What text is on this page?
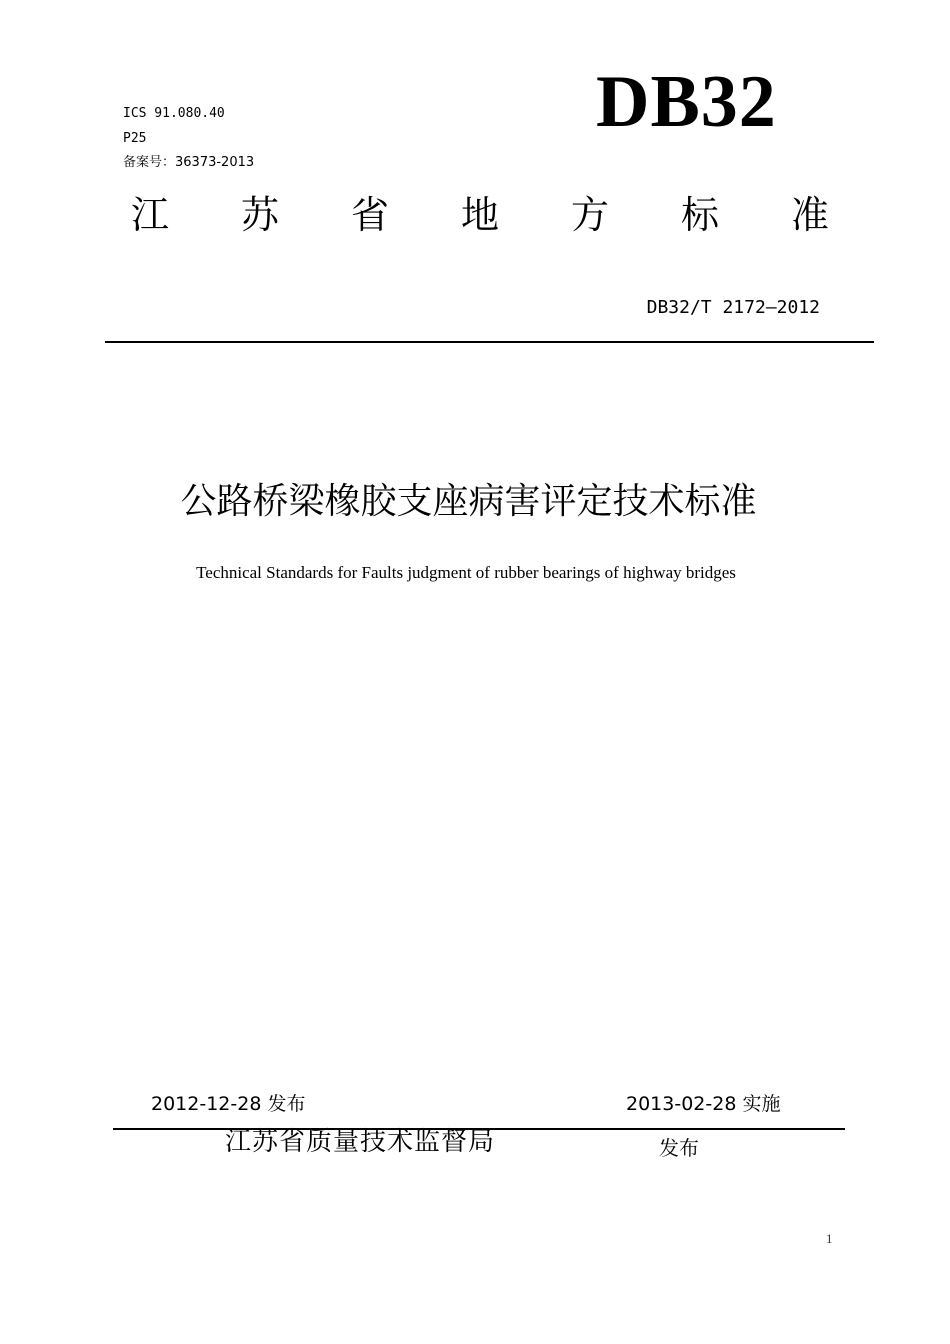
ICS 91.080.40
P25
备案号：36373-2013
DB32
江 苏 省 地 方 标 准
DB32/T 2172—2012
公路桥梁橡胶支座病害评定技术标准
Technical Standards for Faults judgment of rubber bearings of highway bridges
2012-12-28 发布	2013-02-28 实施
江苏省质量技术监督局	发布
1
